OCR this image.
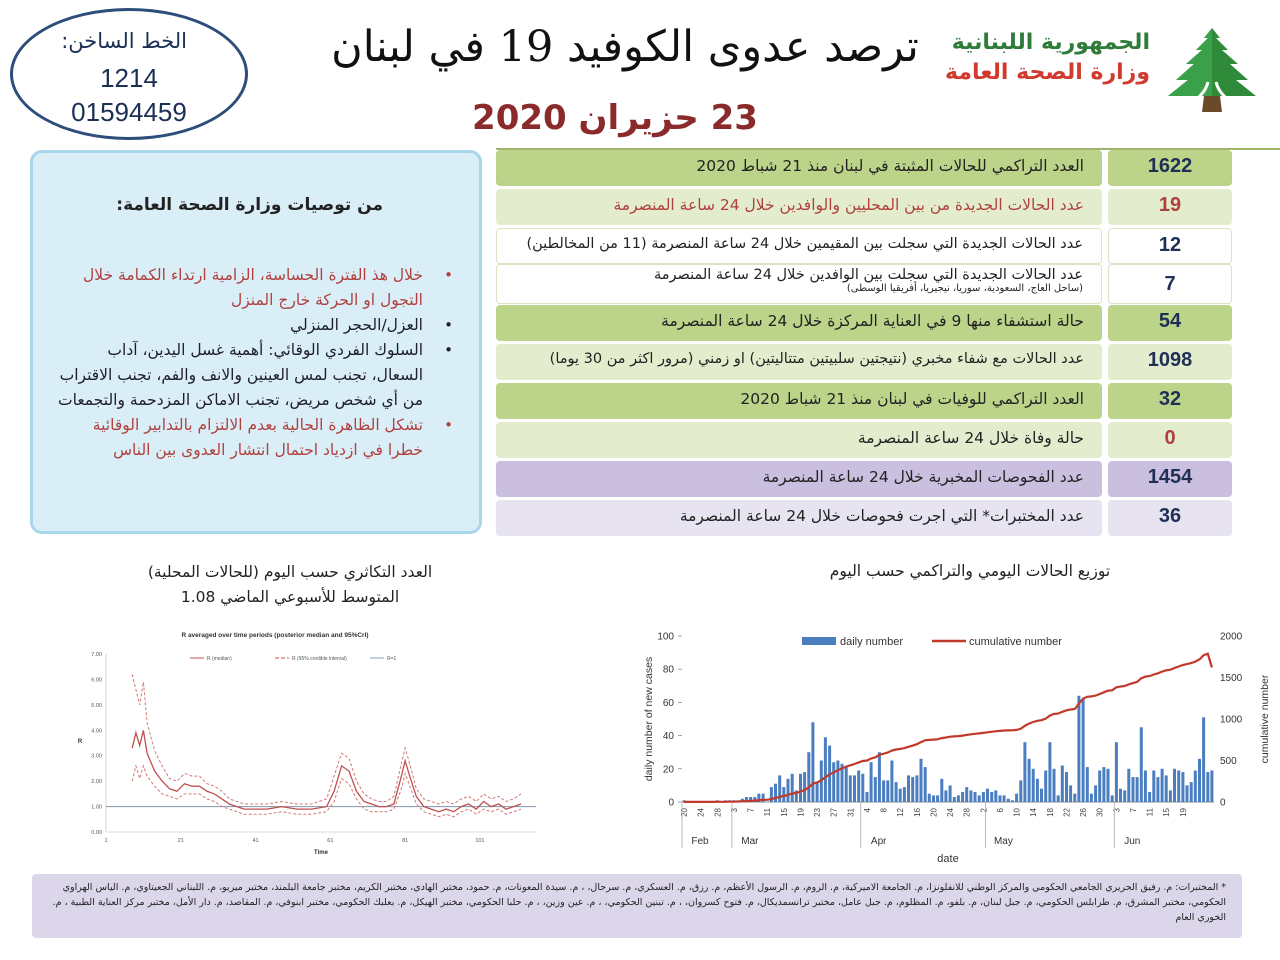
الخط الساخن:
1214
01594459
ترصد عدوى الكوفيد 19 في لبنان
23 حزيران 2020
الجمهورية اللبنانية
وزارة الصحة العامة
من توصيات وزارة الصحة العامة:
•
خلال هذ الفترة الحساسة، الزامية ارتداء الكمامة خلال التجول او الحركة خارج المنزل
•
العزل/الحجر المنزلي
•
السلوك الفردي الوقائي: أهمية غسل اليدين، آداب السعال، تجنب لمس العينين والانف والفم، تجنب الاقتراب من أي شخص مريض، تجنب الاماكن المزدحمة والتجمعات
•
تشكل الظاهرة الحالية بعدم الالتزام بالتدابير الوقائية خطرا في ازدياد احتمال انتشار العدوى بين الناس
العدد التراكمي للحالات المثبتة في لبنان منذ 21 شباط 2020	1622
عدد الحالات الجديدة من بين المحليين والوافدين خلال 24 ساعة المنصرمة	19
عدد الحالات الجديدة التي سجلت بين المقيمين خلال 24 ساعة المنصرمة (11 من المخالطين)	12
عدد الحالات الجديدة التي سجلت بين الوافدين خلال 24 ساعة المنصرمة
(ساحل العاج، السعودية، سوريا، نيجيريا، أفريقيا الوسطى)	7
حالة استشفاء منها 9 في العناية المركزة خلال 24 ساعة المنصرمة	54
عدد الحالات مع شفاء مخبري (نتيجتين سلبيتين متتاليتين) او زمني (مرور اكثر من 30 يوما)	1098
العدد التراكمي للوفيات في لبنان منذ 21 شباط 2020	32
حالة وفاة خلال 24 ساعة المنصرمة	0
عدد الفحوصات المخبرية خلال 24 ساعة المنصرمة	1454
عدد المختبرات* التي اجرت فحوصات خلال 24 ساعة المنصرمة	36
العدد التكاثري حسب اليوم (للحالات المحلية)
المتوسط للأسبوعي الماضي 1.08
توزيع الحالات اليومي والتراكمي حسب اليوم
R averaged over time periods (posterior median and 95%CrI)
R (median)	R (95% credible interval)	R=1
0.00
1.00
2.00
3.00
4.00
5.00
6.00
7.00
1	21	41	61	81	101
Time
R
daily number	cumulative number
0
20
40
60
80
100
0
500
1000
1500
2000
daily number of new cases	cumulative number
20 24 28 3 7 11 15 19 23 27 31 4 8 12 16 20 24 28 2 6 10 14 18 22 26 30 3 7 11 15 19
Feb	Mar	Apr	May	Jun
date
* المختبرات: م. رفيق الحريري الجامعي الحكومي والمركز الوطني للانفلونزا، م. الجامعة الاميركية، م. الروم، م. الرسول الأعظم، م. رزق، م. العسكري، م. سرحال، ، م. سيدة المعونات، م. حمود، مختبر الهادي، مختبر الكريم، مختبر جامعة البلمند، مختبر ميريو، م. اللبناني الجعيتاوي، م. الياس الهراوي الحكومي، مختبر المشرق، م. طرابلس الحكومي، م. جبل لبنان، م. بلفو، م. المظلوم، م. جبل عامل، مختبر ترانسمديكال، م. فتوح كسروان، ، م. تبنين الحكومي، ، م. عين وزين، ، م. حلبا الحكومي، مختبر الهيكل، م. بعلبك الحكومي، مختبر ابنوفي، م. المقاصد، م. دار الأمل، مختبر مركز العناية الطبية ، م. الخوري العام
